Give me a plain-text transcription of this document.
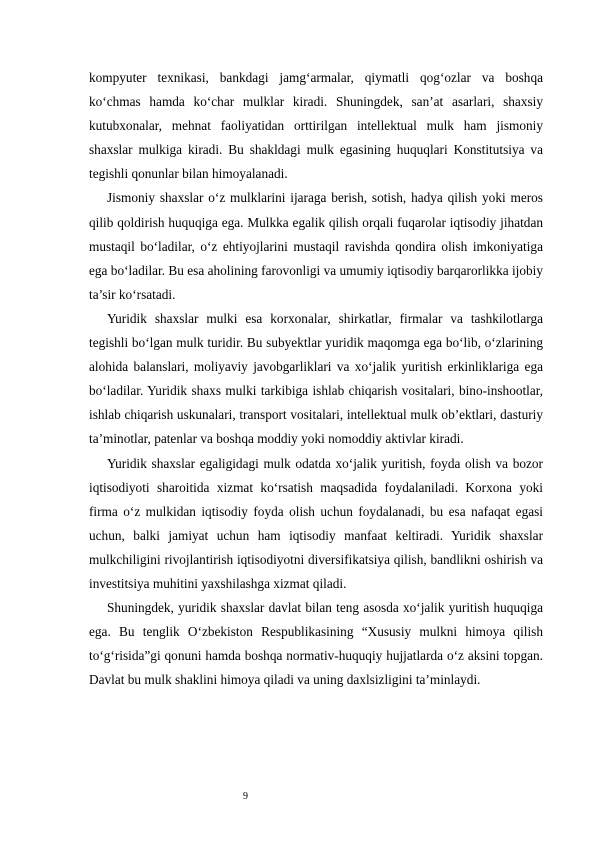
kompyuter texnikasi, bankdagi jamg‘armalar, qiymatli qog‘ozlar va boshqa ko‘chmas hamda ko‘char mulklar kiradi. Shuningdek, san’at asarlari, shaxsiy kutubxonalar, mehnat faoliyatidan orttirilgan intellektual mulk ham jismoniy shaxslar mulkiga kiradi. Bu shakldagi mulk egasining huquqlari Konstitutsiya va tegishli qonunlar bilan himoyalanadi.

Jismoniy shaxslar o‘z mulklarini ijaraga berish, sotish, hadya qilish yoki meros qilib qoldirish huquqiga ega. Mulkka egalik qilish orqali fuqarolar iqtisodiy jihatdan mustaqil bo‘ladilar, o‘z ehtiyojlarini mustaqil ravishda qondira olish imkoniyatiga ega bo‘ladilar. Bu esa aholining farovonligi va umumiy iqtisodiy barqarorlikka ijobiy ta’sir ko‘rsatadi.

Yuridik shaxslar mulki esa korxonalar, shirkatlar, firmalar va tashkilotlarga tegishli bo‘lgan mulk turidir. Bu subyektlar yuridik maqomga ega bo‘lib, o‘zlarining alohida balanslari, moliyaviy javobgarliklari va xo‘jalik yuritish erkinliklariga ega bo‘ladilar. Yuridik shaxs mulki tarkibiga ishlab chiqarish vositalari, bino-inshootlar, ishlab chiqarish uskunalari, transport vositalari, intellektual mulk ob’ektlari, dasturiy ta’minotlar, patenlar va boshqa moddiy yoki nomoddiy aktivlar kiradi.

Yuridik shaxslar egaligidagi mulk odatda xo‘jalik yuritish, foyda olish va bozor iqtisodiyoti sharoitida xizmat ko‘rsatish maqsadida foydalaniladi. Korxona yoki firma o‘z mulkidan iqtisodiy foyda olish uchun foydalanadi, bu esa nafaqat egasi uchun, balki jamiyat uchun ham iqtisodiy manfaat keltiradi. Yuridik shaxslar mulkchiligini rivojlantirish iqtisodiyotni diversifikatsiya qilish, bandlikni oshirish va investitsiya muhitini yaxshilashga xizmat qiladi.

Shuningdek, yuridik shaxslar davlat bilan teng asosda xo‘jalik yuritish huquqiga ega. Bu tenglik O‘zbekiston Respublikasining “Xususiy mulkni himoya qilish to‘g‘risida”gi qonuni hamda boshqa normativ-huquqiy hujjatlarda o‘z aksini topgan. Davlat bu mulk shaklini himoya qiladi va uning daxlsizligini ta’minlaydi.

9
